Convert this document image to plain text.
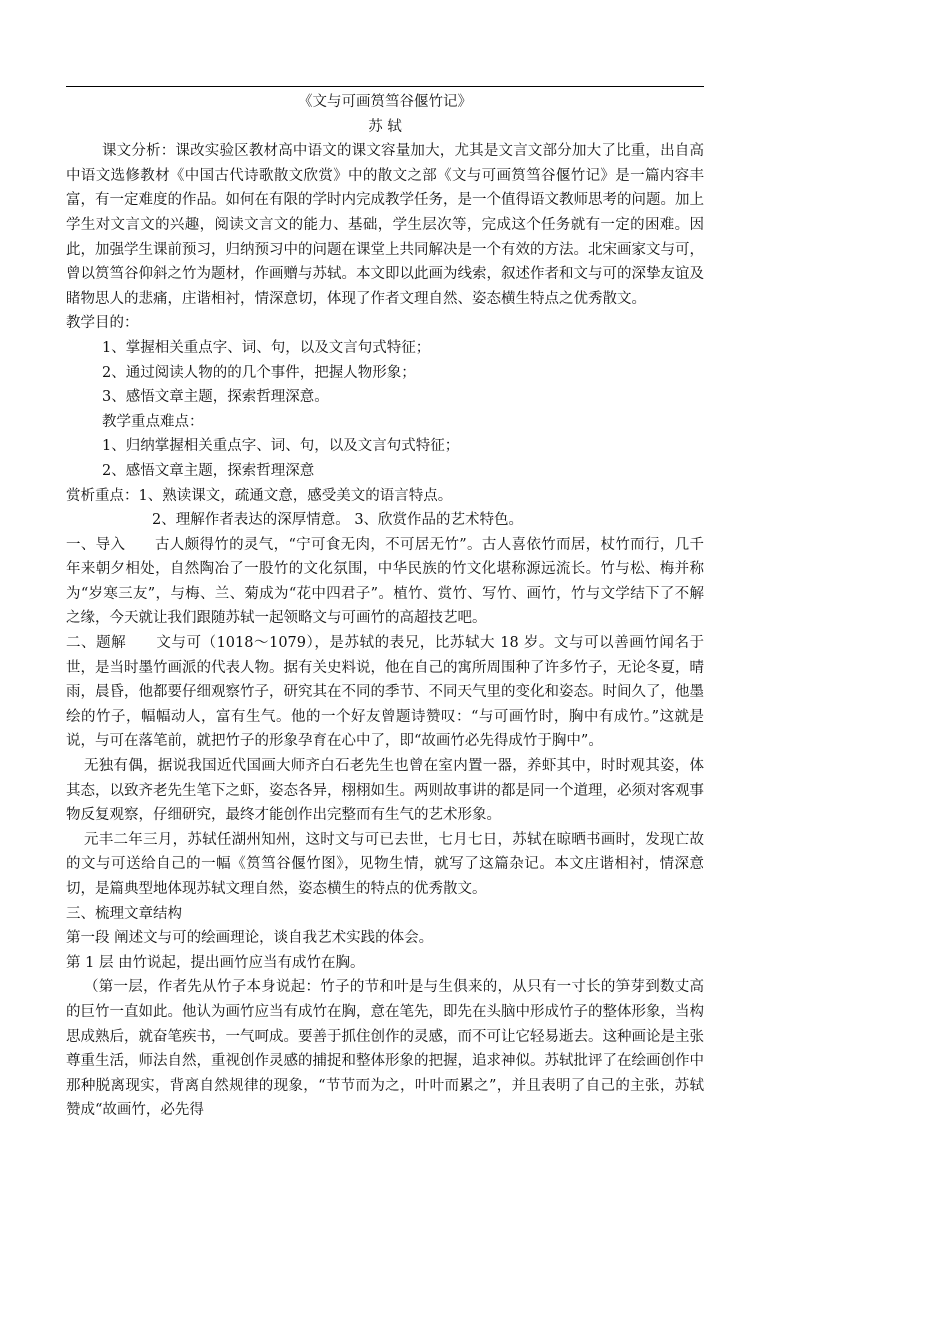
《文与可画筼筜谷偃竹记》
苏 轼
课文分析：课改实验区教材高中语文的课文容量加大，尤其是文言文部分加大了比重，出自高中语文选修教材《中国古代诗歌散文欣赏》中的散文之部《文与可画筼筜谷偃竹记》是一篇内容丰富，有一定难度的作品。如何在有限的学时内完成教学任务，是一个值得语文教师思考的问题。加上学生对文言文的兴趣，阅读文言文的能力、基础，学生层次等，完成这个任务就有一定的困难。因此，加强学生课前预习，归纳预习中的问题在课堂上共同解决是一个有效的方法。北宋画家文与可，曾以筼筜谷仰斜之竹为题材，作画赠与苏轼。本文即以此画为线索，叙述作者和文与可的深挚友谊及睹物思人的悲痛，庄谐相衬，情深意切，体现了作者文理自然、姿态横生特点之优秀散文。
教学目的：
1、掌握相关重点字、词、句，以及文言句式特征；
2、通过阅读人物的的几个事件，把握人物形象；
3、感悟文章主题，探索哲理深意。
教学重点难点：
1、归纳掌握相关重点字、词、句，以及文言句式特征；
2、感悟文章主题，探索哲理深意
赏析重点：1、熟读课文，疏通文意，感受美文的语言特点。
2、理解作者表达的深厚情意。 3、欣赏作品的艺术特色。
一、导入　　古人颇得竹的灵气，“宁可食无肉，不可居无竹”。古人喜依竹而居，杖竹而行，几千年来朝夕相处，自然陶冶了一股竹的文化氛围，中华民族的竹文化堪称源远流长。竹与松、梅并称为“岁寒三友”，与梅、兰、菊成为“花中四君子”。植竹、赏竹、写竹、画竹，竹与文学结下了不解之缘，今天就让我们跟随苏轼一起领略文与可画竹的高超技艺吧。
二、题解　　文与可（1018～1079），是苏轼的表兄，比苏轼大 18 岁。文与可以善画竹闻名于世，是当时墨竹画派的代表人物。据有关史料说，他在自己的寓所周围种了许多竹子，无论冬夏，晴雨，晨昏，他都要仔细观察竹子，研究其在不同的季节、不同天气里的变化和姿态。时间久了，他墨绘的竹子，幅幅动人，富有生气。他的一个好友曾题诗赞叹：“与可画竹时，胸中有成竹。”这就是说，与可在落笔前，就把竹子的形象孕育在心中了，即“故画竹必先得成竹于胸中”。
无独有偶，据说我国近代国画大师齐白石老先生也曾在室内置一器，养虾其中，时时观其姿，体其态，以致齐老先生笔下之虾，姿态各异，栩栩如生。两则故事讲的都是同一个道理，必须对客观事物反复观察，仔细研究，最终才能创作出完整而有生气的艺术形象。
元丰二年三月，苏轼任湖州知州，这时文与可已去世，七月七日，苏轼在晾晒书画时，发现亡故的文与可送给自己的一幅《筼筜谷偃竹图》，见物生情，就写了这篇杂记。本文庄谐相衬，情深意切，是篇典型地体现苏轼文理自然，姿态横生的特点的优秀散文。
三、梳理文章结构
第一段 阐述文与可的绘画理论，谈自我艺术实践的体会。
第 1 层 由竹说起，提出画竹应当有成竹在胸。
（第一层，作者先从竹子本身说起：竹子的节和叶是与生俱来的，从只有一寸长的笋芽到数丈高的巨竹一直如此。他认为画竹应当有成竹在胸，意在笔先，即先在头脑中形成竹子的整体形象，当构思成熟后，就奋笔疾书，一气呵成。要善于抓住创作的灵感，而不可让它轻易逝去。这种画论是主张尊重生活，师法自然，重视创作灵感的捕捉和整体形象的把握，追求神似。苏轼批评了在绘画创作中那种脱离现实，背离自然规律的现象，“节节而为之，叶叶而累之”，并且表明了自己的主张，苏轼赞成“故画竹，必先得
